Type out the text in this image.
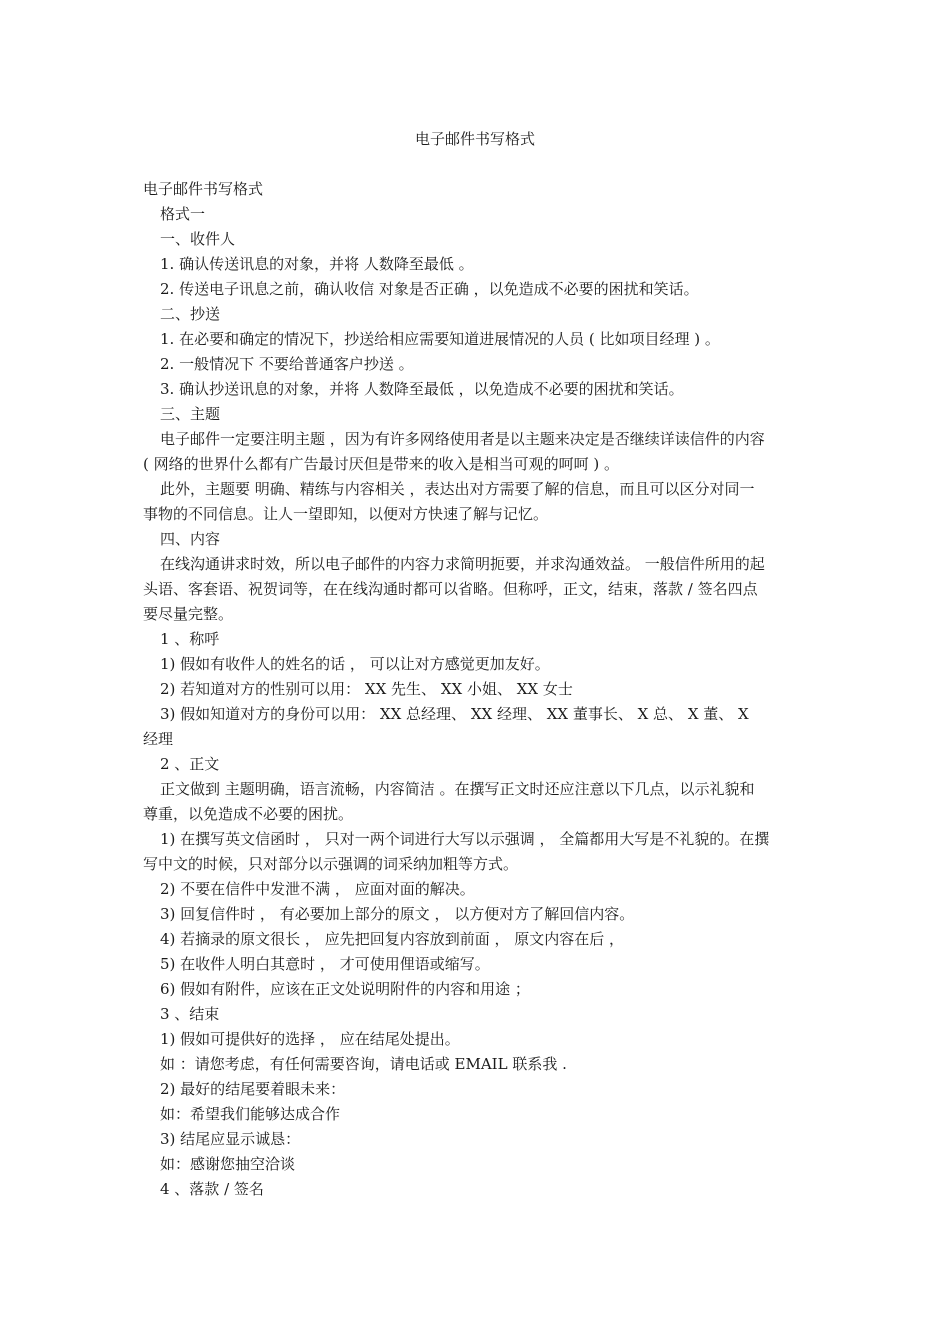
电子邮件书写格式
电子邮件书写格式
格式一
一、收件人
1. 确认传送讯息的对象，并将 人数降至最低 。
2. 传送电子讯息之前，确认收信 对象是否正确 ，以免造成不必要的困扰和笑话。
二、抄送
1. 在必要和确定的情况下，抄送给相应需要知道进展情况的人员 ( 比如项目经理 ) 。
2. 一般情况下 不要给普通客户抄送 。
3. 确认抄送讯息的对象，并将 人数降至最低 ，以免造成不必要的困扰和笑话。
三、主题
电子邮件一定要注明主题 ，因为有许多网络使用者是以主题来决定是否继续详读信件的内容
( 网络的世界什么都有广告最讨厌但是带来的收入是相当可观的呵呵 ) 。
此外，主题要 明确、精练与内容相关 ，表达出对方需要了解的信息，而且可以区分对同一
事物的不同信息。让人一望即知，以便对方快速了解与记忆。
四、内容
在线沟通讲求时效，所以电子邮件的内容力求简明扼要，并求沟通效益。 一般信件所用的起
头语、客套语、祝贺词等，在在线沟通时都可以省略。但称呼，正文，结束，落款 / 签名四点
要尽量完整。
1 、称呼
1) 假如有收件人的姓名的话 ， 可以让对方感觉更加友好。
2) 若知道对方的性别可以用： XX 先生、 XX 小姐、 XX 女士
3) 假如知道对方的身份可以用： XX 总经理、 XX 经理、 XX 董事长、 X 总、 X 董、 X
经理
2 、正文
正文做到 主题明确，语言流畅，内容简洁 。在撰写正文时还应注意以下几点，以示礼貌和
尊重，以免造成不必要的困扰。
1) 在撰写英文信函时 ， 只对一两个词进行大写以示强调 ， 全篇都用大写是不礼貌的。在撰
写中文的时候，只对部分以示强调的词采纳加粗等方式。
2) 不要在信件中发泄不满 ， 应面对面的解决。
3) 回复信件时 ， 有必要加上部分的原文 ， 以方便对方了解回信内容。
4) 若摘录的原文很长 ， 应先把回复内容放到前面 ， 原文内容在后 ，
5) 在收件人明白其意时 ， 才可使用俚语或缩写。
6) 假如有附件，应该在正文处说明附件的内容和用途 ；
3 、结束
1) 假如可提供好的选择 ， 应在结尾处提出。
如 ：请您考虑，有任何需要咨询，请电话或 EMAIL 联系我 .
2) 最好的结尾要着眼未来：
如：希望我们能够达成合作
3) 结尾应显示诚恳：
如：感谢您抽空洽谈
4 、落款 / 签名
